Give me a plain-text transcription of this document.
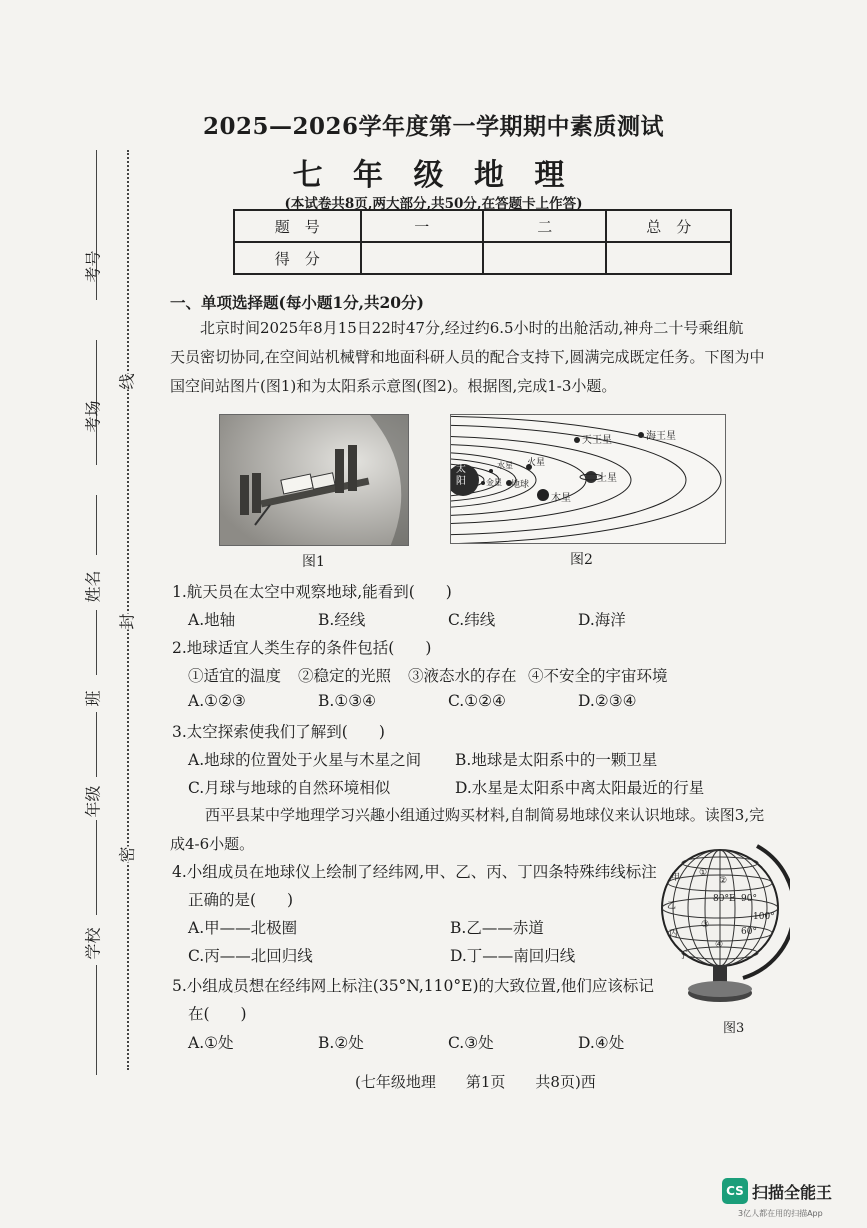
2025—2026学年度第一学期期中素质测试
七 年 级 地 理
(本试卷共8页,两大部分,共50分,在答题卡上作答)
题　号	一	二	总　分
得　分			
考号
考场
姓名
班
年级
学校
线
封
密
一、单项选择题(每小题1分,共20分)
北京时间2025年8月15日22时47分,经过约6.5小时的出舱活动,神舟二十号乘组航
天员密切协同,在空间站机械臂和地面科研人员的配合支持下,圆满完成既定任务。下图为中
国空间站图片(图1)和为太阳系示意图(图2)。根据图,完成1-3小题。
图1
太阳
天王星	海王星
土星
木星
火星
地球
金星
水星
图2
1.航天员在太空中观察地球,能看到(　　)
A.地轴	B.经线	C.纬线	D.海洋
2.地球适宜人类生存的条件包括(　　)
①适宜的温度 ②稳定的光照 ③液态水的存在 ④不安全的宇宙环境
A.①②③	B.①③④	C.①②④	D.②③④
3.太空探索使我们了解到(　　)
A.地球的位置处于火星与木星之间 B.地球是太阳系中的一颗卫星
C.月球与地球的自然环境相似	D.水星是太阳系中离太阳最近的行星
西平县某中学地理学习兴趣小组通过购买材料,自制简易地球仪来认识地球。读图3,完
成4-6小题。
4.小组成员在地球仪上绘制了经纬网,甲、乙、丙、丁四条特殊纬线标注
正确的是(　　)
A.甲——北极圈	B.乙——赤道
C.丙——北回归线	D.丁——南回归线
5.小组成员想在经纬网上标注(35°N,110°E)的大致位置,他们应该标记
在(　　)
A.①处	B.②处	C.③处	D.④处
80°E 90°
100°
60°
①
②
③
④
甲
乙
丙
丁
图3
(七年级地理　　第1页　　共8页)西
CS 扫描全能王
3亿人都在用的扫描App
